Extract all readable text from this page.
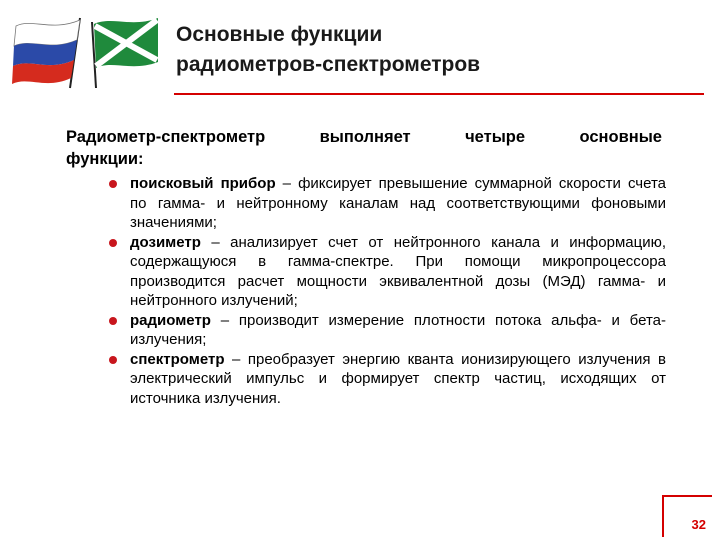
Основные функции
радиометров-спектрометров
Радиометр-спектрометр	выполняет	четыре	основные
функции:
поисковый прибор – фиксирует превышение суммарной скорости счета по гамма- и нейтронному каналам над соответствующими фоновыми значениями;
дозиметр – анализирует счет от нейтронного канала и информацию, содержащуюся в гамма-спектре. При помощи микропроцессора производится расчет мощности эквивалентной дозы (МЭД) гамма- и нейтронного излучений;
радиометр – производит измерение плотности потока альфа- и бета-излучения;
спектрометр – преобразует энергию кванта ионизирующего излучения в электрический импульс и формирует спектр частиц, исходящих от источника излучения.
32
